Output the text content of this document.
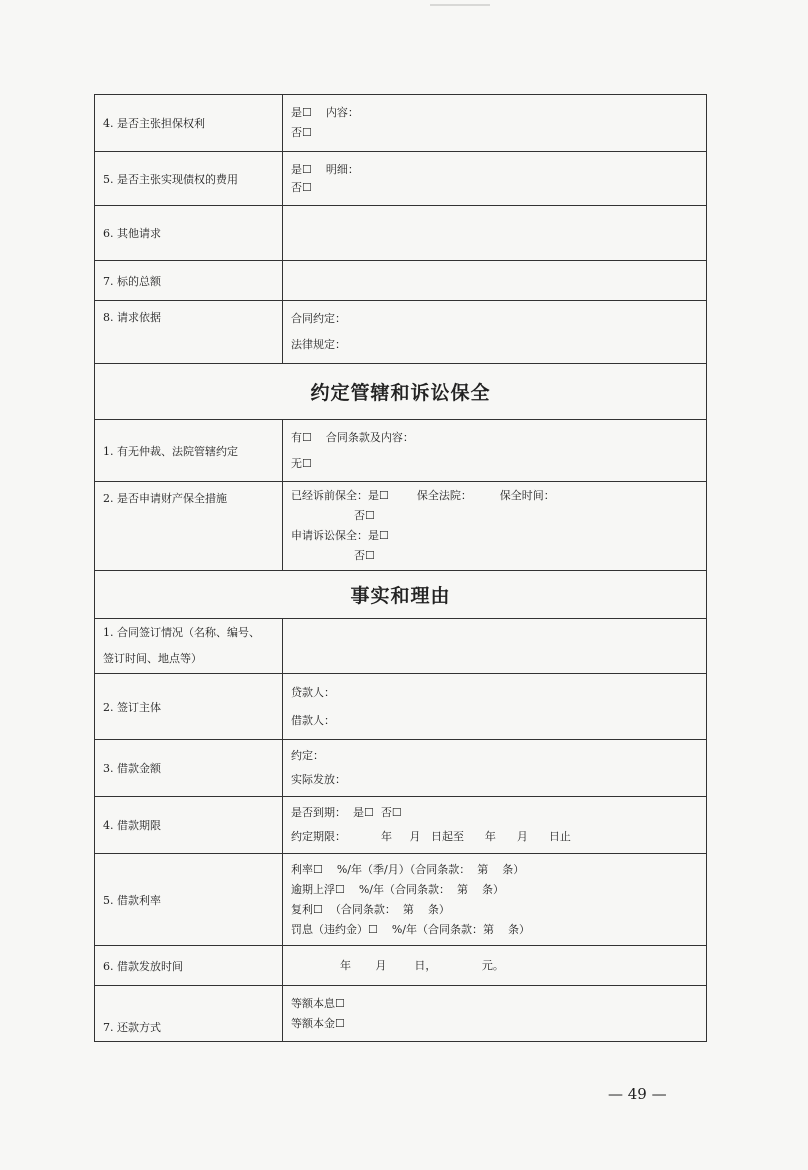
4. 是否主张担保权利	是☐    内容：
否☐

5. 是否主张实现债权的费用	是☐    明细：
否☐

6. 其他请求	
7. 标的总额	
8. 请求依据	合同约定：
法律规定：

约定管辖和诉讼保全	
1. 有无仲裁、法院管辖约定	有☐    合同条款及内容：
无☐

2. 是否申请财产保全措施	已经诉前保全：是☐        保全法院：        保全时间：
否☐
申请诉讼保全：是☐
否☐

事实和理由	

1. 合同签订情况（名称、编号、
签订时间、地点等）	

2. 签订主体	贷款人：
借款人：

3. 借款金额	约定：
实际发放：

4. 借款期限	是否到期：  是☐  否☐
约定期限：          年     月   日起至      年      月      日止

5. 借款利率	利率☐    %/年（季/月）（合同条款：  第    条）
逾期上浮☐    %/年（合同条款：  第    条）
复利☐  （合同条款：  第    条）
罚息（违约金）☐    %/年（合同条款：第    条）

6. 借款发放时间	年       月        日，             元。

7. 还款方式	等额本息☐
等额本金☐
— 49 —
